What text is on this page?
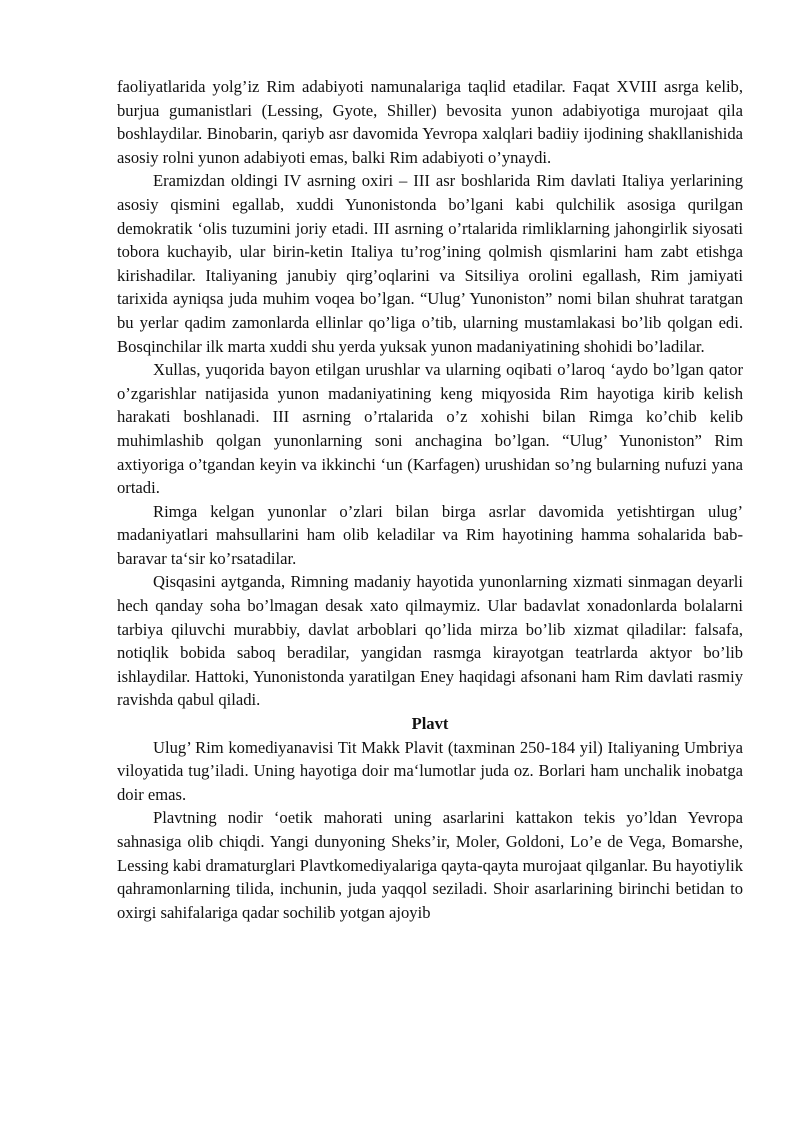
faoliyatlarida yolg’iz Rim adabiyoti namunalariga taqlid etadilar. Faqat XVIII asrga kelib, burjua gumanistlari (Lessing, Gyote, Shiller) bevosita yunon adabiyotiga murojaat qila boshlaydilar. Binobarin, qariyb asr davomida Yevropa xalqlari badiiy ijodining shakllanishida asosiy rolni yunon adabiyoti emas, balki Rim adabiyoti o’ynaydi.

Eramizdan oldingi IV asrning oxiri – III asr boshlarida Rim davlati Italiya yerlarining asosiy qismini egallab, xuddi Yunonistonda bo’lgani kabi qulchilik asosiga qurilgan demokratik ‘olis tuzumini joriy etadi. III asrning o’rtalarida rimliklarning jahongirlik siyosati tobora kuchayib, ular birin-ketin Italiya tu’rog’ining qolmish qismlarini ham zabt etishga kirishadilar. Italiyaning janubiy qirg’oqlarini va Sitsiliya orolini egallash, Rim jamiyati tarixida ayniqsa juda muhim voqea bo’lgan. “Ulug’ Yunoniston” nomi bilan shuhrat taratgan bu yerlar qadim zamonlarda ellinlar qo’liga o’tib, ularning mustamlakasi bo’lib qolgan edi. Bosqinchilar ilk marta xuddi shu yerda yuksak yunon madaniyatining shohidi bo’ladilar.

Xullas, yuqorida bayon etilgan urushlar va ularning oqibati o’laroq ‘aydo bo’lgan qator o’zgarishlar natijasida yunon madaniyatining keng miqyosida Rim hayotiga kirib kelish harakati boshlanadi. III asrning o’rtalarida o’z xohishi bilan Rimga ko’chib kelib muhimlashib qolgan yunonlarning soni anchagina bo’lgan. “Ulug’ Yunoniston” Rim axtiyoriga o’tgandan keyin va ikkinchi ‘un (Karfagen) urushidan so’ng bularning nufuzi yana ortadi.

Rimga kelgan yunonlar o’zlari bilan birga asrlar davomida yetishtirgan ulug’ madaniyatlari mahsullarini ham olib keladilar va Rim hayotining hamma sohalarida bab-baravar ta‘sir ko’rsatadilar.

Qisqasini aytganda, Rimning madaniy hayotida yunonlarning xizmati sinmagan deyarli hech qanday soha bo’lmagan desak xato qilmaymiz. Ular badavlat xonadonlarda bolalarni tarbiya qiluvchi murabbiy, davlat arboblari qo’lida mirza bo’lib xizmat qiladilar: falsafa, notiqlik bobida saboq beradilar, yangidan rasmga kirayotgan teatrlarda aktyor bo’lib ishlaydilar. Hattoki, Yunonistonda yaratilgan Eney haqidagi afsonani ham Rim davlati rasmiy ravishda qabul qiladi.

Plavt

Ulug’ Rim komediyanavisi Tit Makk Plavit (taxminan 250-184 yil) Italiyaning Umbriya viloyatida tug’iladi. Uning hayotiga doir ma‘lumotlar juda oz. Borlari ham unchalik inobatga doir emas.

Plavtning nodir ‘oetik mahorati uning asarlarini kattakon tekis yo’ldan Yevropa sahnasiga olib chiqdi. Yangi dunyoning Sheks’ir, Moler, Goldoni, Lo’e de Vega, Bomarshe, Lessing kabi dramaturglari Plavtkomediyalariga qayta-qayta murojaat qilganlar. Bu hayotiylik qahramonlarning tilida, inchunin, juda yaqqol seziladi. Shoir asarlarining birinchi betidan to oxirgi sahifalariga qadar sochilib yotgan ajoyib
